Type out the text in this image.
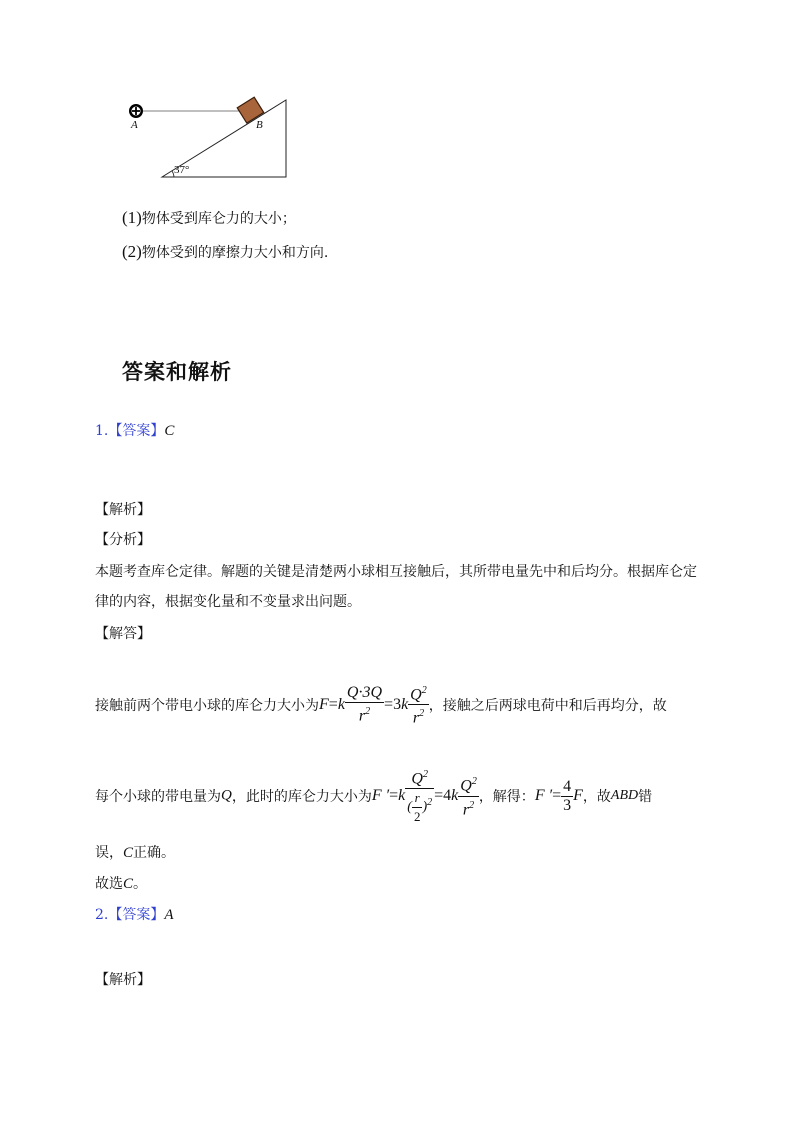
A	B
37°
(1)物体受到库仑力的大小；
(2)物体受到的摩擦力大小和方向.
答案和解析
1.【答案】C
【解析】
【分析】
本题考查库仑定律。解题的关键是清楚两小球相互接触后，其所带电量先中和后均分。根据库仑定
律的内容，根据变化量和不变量求出问题。
【解答】
接触前两个带电小球的库仑力大小为$F=k \frac{Q\cdot 3Q}{r^2} =3k \frac{Q^2}{r^2}$ ，接触之后两球电荷中和后再均分，故
每个小球的带电量为Q，此时的库仑力大小为F $'=k \frac{Q^2}{( \frac{r}{2} )^2} =4k \frac{Q^2}{r^2}$ ，解得：F ′= $\frac{4}{3}$ F，故ABD错
误，C正确。
故选C。
2.【答案】A
【解析】
